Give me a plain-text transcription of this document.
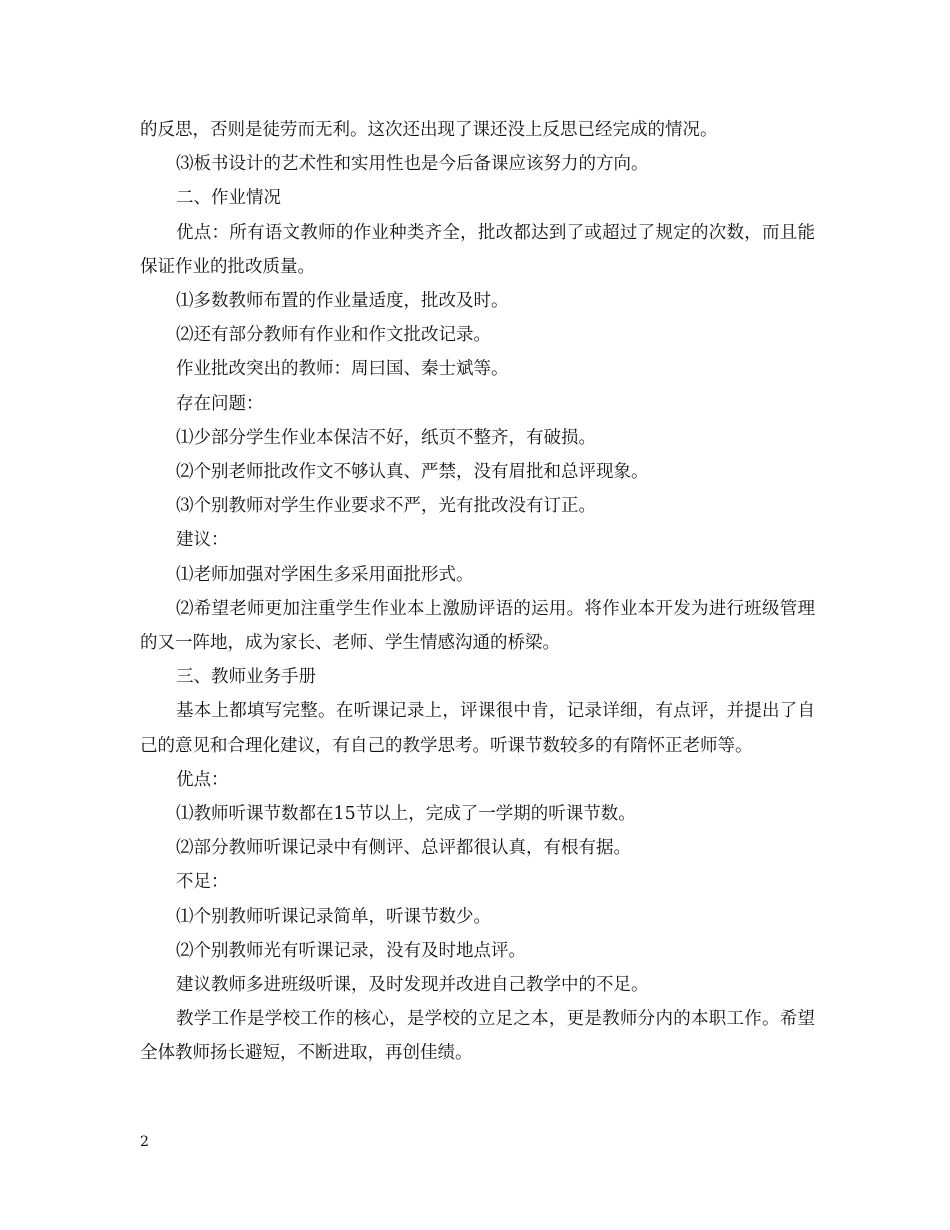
的反思，否则是徒劳而无利。这次还出现了课还没上反思已经完成的情况。

⑶板书设计的艺术性和实用性也是今后备课应该努力的方向。

二、作业情况

优点：所有语文教师的作业种类齐全，批改都达到了或超过了规定的次数，而且能保证作业的批改质量。

⑴多数教师布置的作业量适度，批改及时。

⑵还有部分教师有作业和作文批改记录。

作业批改突出的教师：周曰国、秦士斌等。

存在问题：

⑴少部分学生作业本保洁不好，纸页不整齐，有破损。

⑵个别老师批改作文不够认真、严禁，没有眉批和总评现象。

⑶个别教师对学生作业要求不严，光有批改没有订正。

建议：

⑴老师加强对学困生多采用面批形式。

⑵希望老师更加注重学生作业本上激励评语的运用。将作业本开发为进行班级管理的又一阵地，成为家长、老师、学生情感沟通的桥梁。

三、教师业务手册

基本上都填写完整。在听课记录上，评课很中肯，记录详细，有点评，并提出了自己的意见和合理化建议，有自己的教学思考。听课节数较多的有隋怀正老师等。

优点：

⑴教师听课节数都在15节以上，完成了一学期的听课节数。

⑵部分教师听课记录中有侧评、总评都很认真，有根有据。

不足：

⑴个别教师听课记录简单，听课节数少。

⑵个别教师光有听课记录，没有及时地点评。

建议教师多进班级听课，及时发现并改进自己教学中的不足。

教学工作是学校工作的核心，是学校的立足之本，更是教师分内的本职工作。希望全体教师扬长避短，不断进取，再创佳绩。

2
